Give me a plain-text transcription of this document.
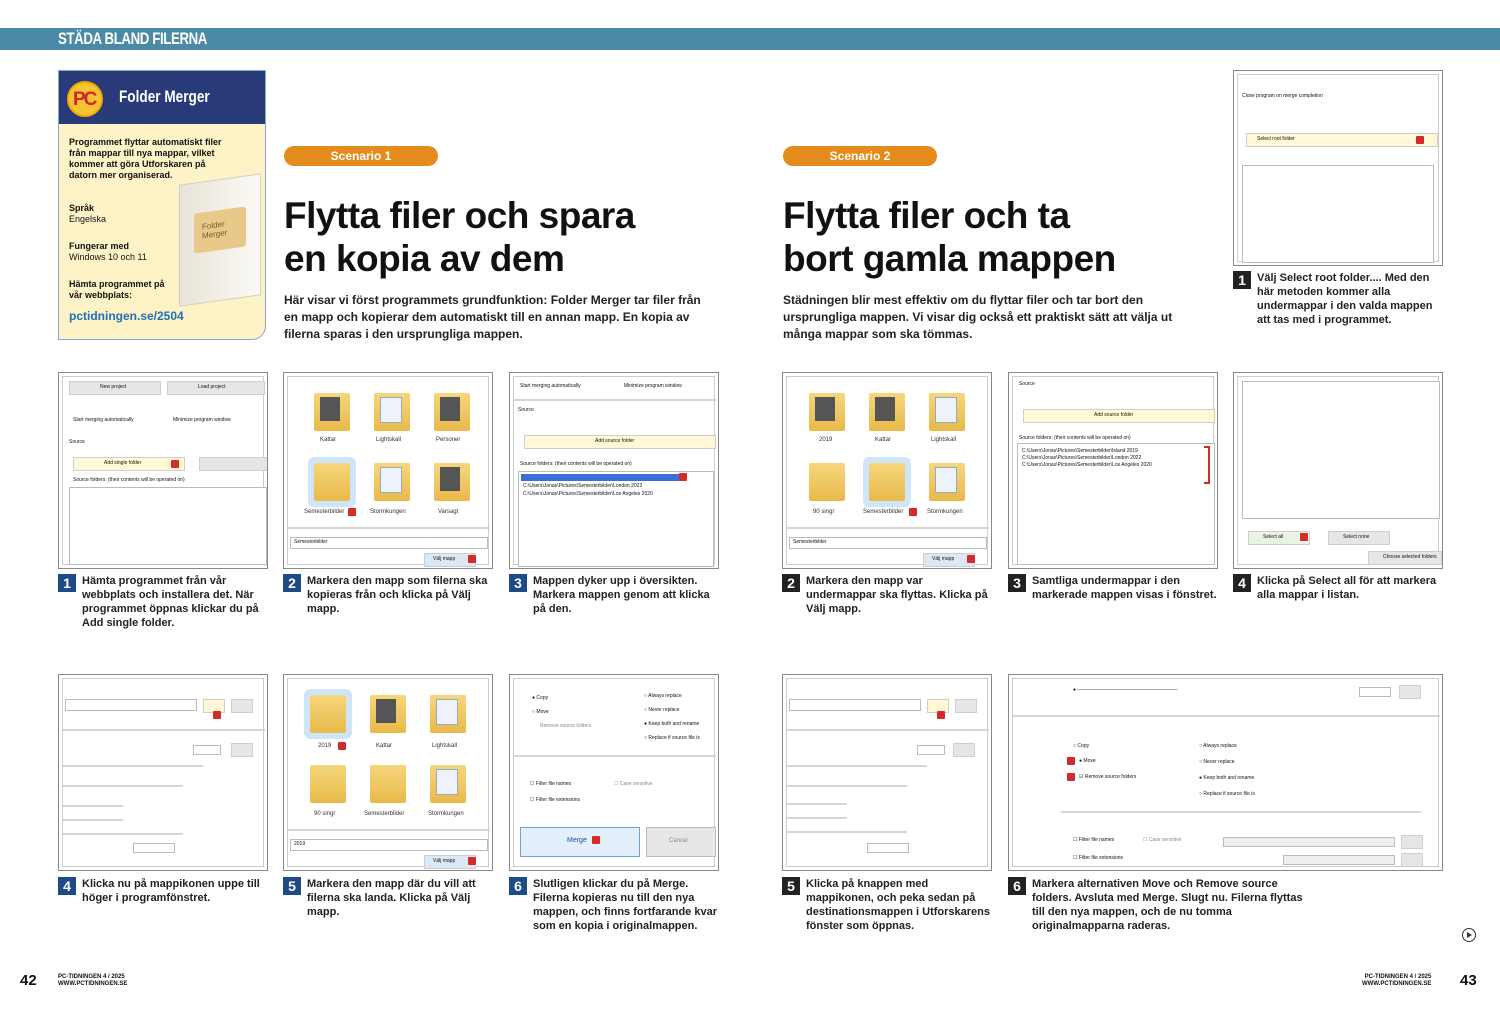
STÄDA BLAND FILERNA
PC Folder Merger
Programmet flyttar automatiskt filer från mappar till nya mappar, vilket kommer att göra Utforskaren på datorn mer organiserad.
Språk
Engelska
Fungerar med
Windows 10 och 11
Hämta programmet på vår webbplats:
pctidningen.se/2504
Folder Merger
Scenario 1
Flytta filer och spara
en kopia av dem
Här visar vi först programmets grundfunktion: Folder Merger tar filer från en mapp och kopierar dem automatiskt till en annan mapp. En kopia av filerna sparas i den ursprungliga mappen.
Scenario 2
Flytta filer och ta
bort gamla mappen
Städningen blir mest effektiv om du flyttar filer och tar bort den ursprungliga mappen. Vi visar dig också ett praktiskt sätt att välja ut många mappar som ska tömmas.
Close program on merge completion
Select root folder
1	Välj Select root folder.... Med den här metoden kommer alla undermappar i den valda mappen att tas med i programmet.
New project	Load project
Start merging automatically	Minimize program window
Source
Add single folder
Source folders: (their contents will be operated on)
1	Hämta programmet från vår webbplats och installera det. När programmet öppnas klickar du på Add single folder.
Kattar	Lightskall	Personer
Semesterbilder	Stormkungen	Varsagt
Semesterbilder
Välj mapp
2	Markera den mapp som filerna ska kopieras från och klicka på Välj mapp.
Start merging automatically	Minimize program window
Source
Add source folder
Source folders: (their contents will be operated on)
C:\Users\Jonas\Pictures\Semesterbilder\London 2022
C:\Users\Jonas\Pictures\Semesterbilder\Los Angeles 2020
3	Mappen dyker upp i översikten. Markera mappen genom att klicka på den.
2019	Kattar	Lightskall
90 singr	Semesterbilder	Stormkungen
Semesterbilder
Välj mapp
2	Markera den mapp var undermappar ska flyttas. Klicka på Välj mapp.
Source
Add source folder
Source folders: (their contents will be operated on)
C:\Users\Jonas\Pictures\Semesterbilder\Island 2019
C:\Users\Jonas\Pictures\Semesterbilder\London 2022
C:\Users\Jonas\Pictures\Semesterbilder\Los Angeles 2020
3	Samtliga undermappar i den markerade mappen visas i fönstret.
Select all	Select none
Choose selected folders
4	Klicka på Select all för att markera alla mappar i listan.
4	Klicka nu på mappikonen uppe till höger i programfönstret.
2019	Kattar	Lightskall
90 singr	Semesterbilder	Stormkungen
2019
Välj mapp
5	Markera den mapp där du vill att filerna ska landa. Klicka på Välj mapp.
● Copy
○ Move
Remove source folders
○ Always replace
○ Never replace
● Keep both and rename
○ Replace if source file is
☐ Filter file names	☐ Case sensitive
☐ Filter file extensions
Merge	Cancel
6	Slutligen klickar du på Merge. Filerna kopieras nu till den nya mappen, och finns fortfarande kvar som en kopia i originalmappen.
5	Klicka på knappen med mappikonen, och peka sedan på destinationsmappen i Utforskarens fönster som öppnas.
● ————————————————————
○ Copy
● Move
☑ Remove source folders
○ Always replace
○ Never replace
● Keep both and rename
○ Replace if source file is
☐ Filter file names	☐ Case sensitive
☐ Filter file extensions
6	Markera alternativen Move och Remove source folders. Avsluta med Merge. Slugt nu. Filerna flyttas till den nya mappen, och de nu tomma originalmapparna raderas.
42	PC-TIDNINGEN 4 / 2025
WWW.PCTIDNINGEN.SE
PC-TIDNINGEN 4 / 2025
WWW.PCTIDNINGEN.SE 43
